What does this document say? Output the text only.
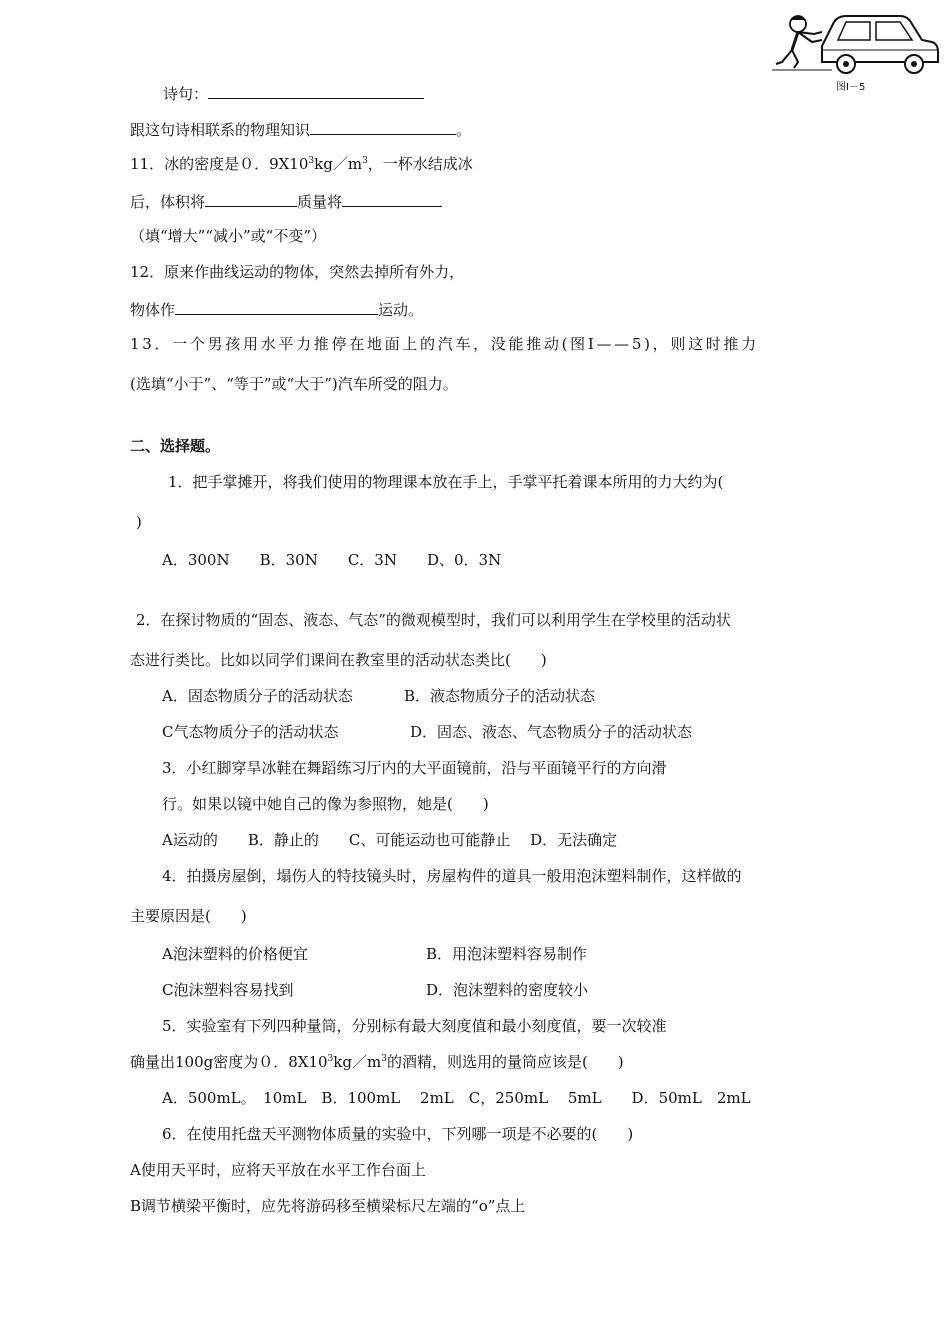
图Ⅰ－5
诗句：
跟这句诗相联系的物理知识	。
11．冰的密度是０．$9X10^3kg/m^3$，一杯水结成冰
后，体积将	质量将
（填“增大”“减小”或“不变”）
12．原来作曲线运动的物体，突然去掉所有外力，
物体作	运动。
13．一个男孩用水平力推停在地面上的汽车，没能推动(图Ⅰ——5)，则这时推力
(选填“小于”、“等于”或“大于”)汽车所受的阻力。
二、选择题。
1．把手掌摊开，将我们使用的物理课本放在手上，手掌平托着课本所用的力大约为(
)
A．300N　　B．30N　　C．3N　　D、0．3N
2．在探讨物质的“固态、液态、气态”的微观模型时，我们可以利用学生在学校里的活动状
态进行类比。比如以同学们课间在教室里的活动状态类比(　　)
A．固态物质分子的活动状态	B．液态物质分子的活动状态
C气态物质分子的活动状态	D．固态、液态、气态物质分子的活动状态
3．小红脚穿旱冰鞋在舞蹈练习厅内的大平面镜前，沿与平面镜平行的方向滑
行。如果以镜中她自己的像为参照物，她是(　　)
A运动的　　B．静止的　　C、可能运动也可能静止　 D．无法确定
4．拍摄房屋倒，塌伤人的特技镜头时，房屋构件的道具一般用泡沫塑料制作，这样做的
主要原因是(　　)
A泡沫塑料的价格便宜	B．用泡沫塑料容易制作
C泡沫塑料容易找到	D．泡沫塑料的密度较小
5．实验室有下列四种量筒，分别标有最大刻度值和最小刻度值，要一次较准
确量出100g密度为０．$8X10^3kg/m^3$的酒精，则选用的量筒应该是(　　)
A．500mL。　10mL　B．100mL　 2mL　C，250mL　 5mL　　D．50mL　2mL
6．在使用托盘天平测物体质量的实验中，下列哪一项是不必要的(　　)
A使用天平时，应将天平放在水平工作台面上
B调节横梁平衡时，应先将游码移至横梁标尺左端的“o”点上
